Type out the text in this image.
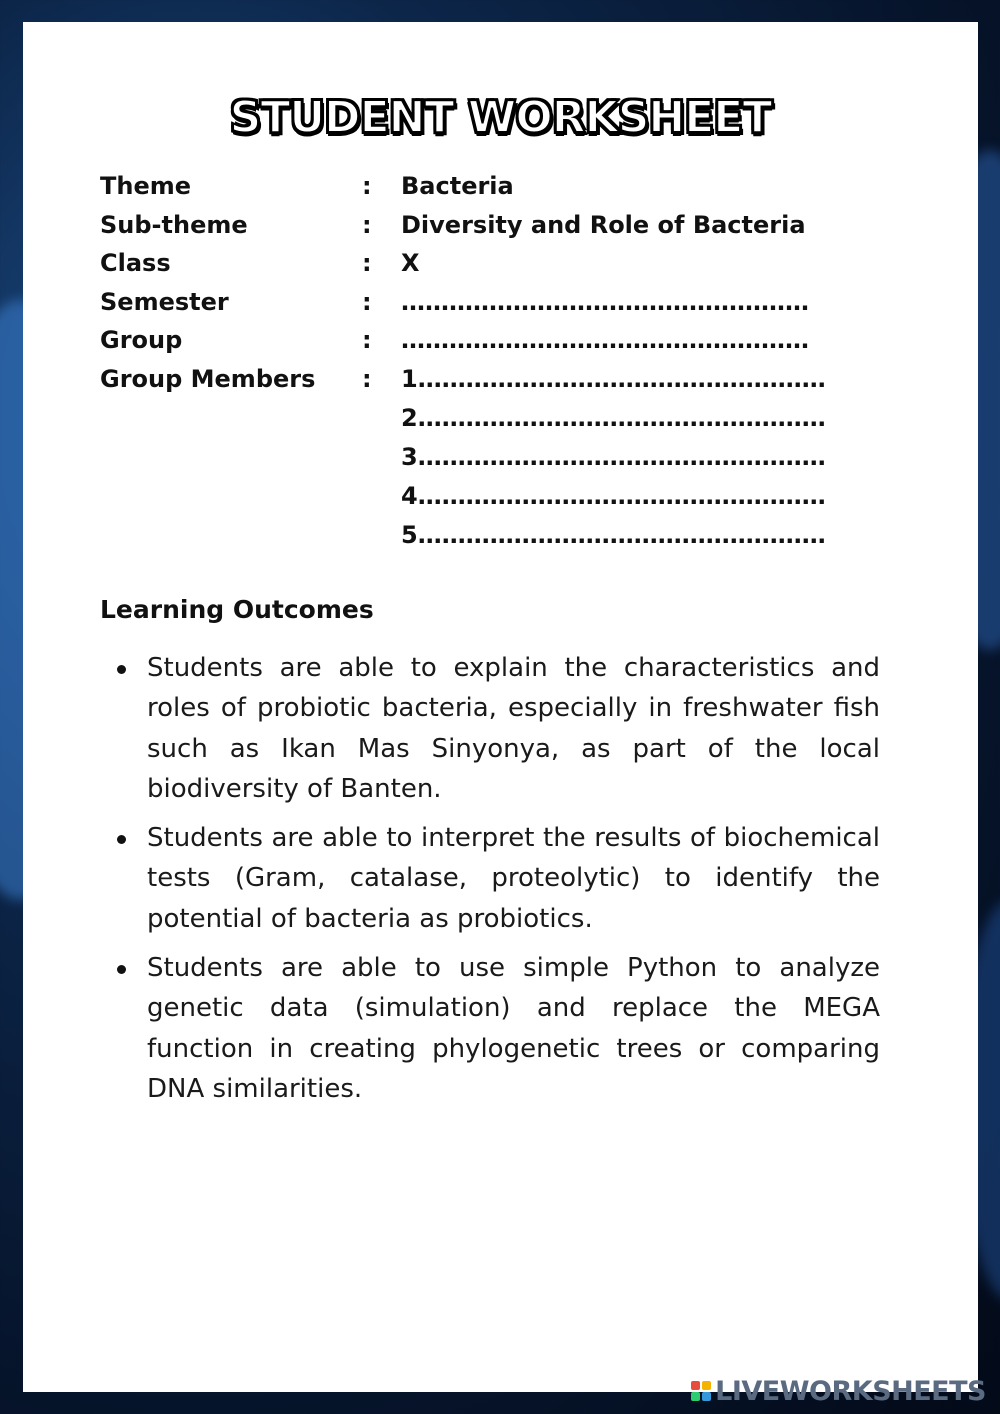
STUDENT WORKSHEET
Theme	: Bacteria
Sub-theme	: Diversity and Role of Bacteria
Class	: X
Semester	: ……………………………………………
Group	: ……………………………………………
Group Members : 1……………………………………………
2……………………………………………
3……………………………………………
4……………………………………………
5……………………………………………
Learning Outcomes
Students are able to explain the characteristics and roles of probiotic bacteria, especially in freshwater fish such as Ikan Mas Sinyonya, as part of the local biodiversity of Banten.
Students are able to interpret the results of biochemical tests (Gram, catalase, proteolytic) to identify the potential of bacteria as probiotics.
Students are able to use simple Python to analyze genetic data (simulation) and replace the MEGA function in creating phylogenetic trees or comparing DNA similarities.
LIVEWORKSHEETS
